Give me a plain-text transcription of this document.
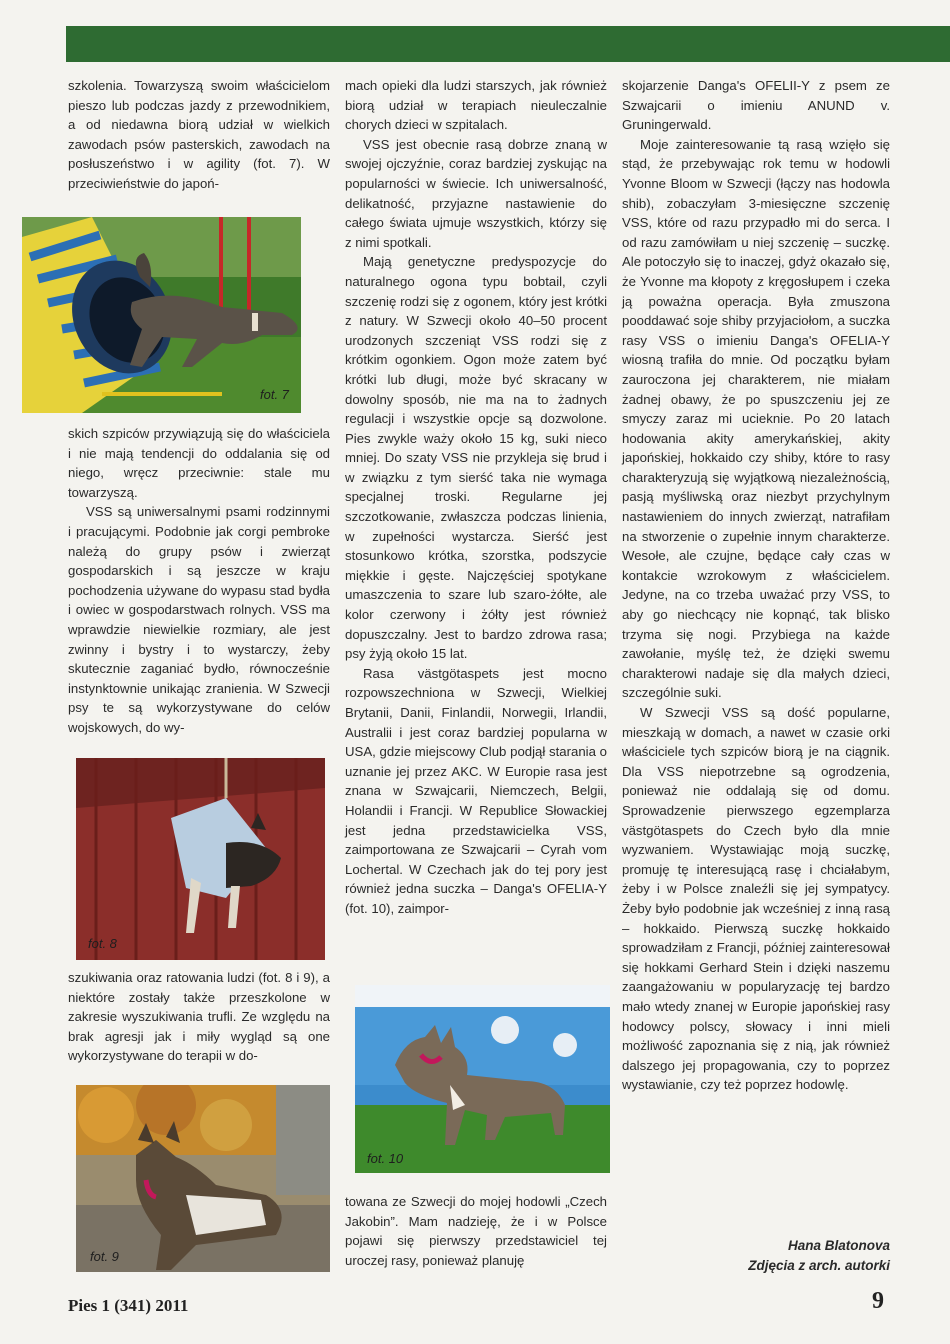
szkolenia. Towarzyszą swoim właścicielom pieszo lub podczas jazdy z przewodnikiem, a od niedawna biorą udział w wielkich zawodach psów pasterskich, zawodach na posłuszeństwo i w agility (fot. 7). W przeciwieństwie do japoń-

fot. 7

skich szpiców przywiązują się do właściciela i nie mają tendencji do oddalania się od niego, wręcz przeciwnie: stale mu towarzyszą.

VSS są uniwersalnymi psami rodzinnymi i pracującymi. Podobnie jak corgi pembroke należą do grupy psów i zwierząt gospodarskich i są jeszcze w kraju pochodzenia używane do wypasu stad bydła i owiec w gospodarstwach rolnych. VSS ma wprawdzie niewielkie rozmiary, ale jest zwinny i bystry i to wystarczy, żeby skutecznie zaganiać bydło, równocześnie instynktownie unikając zranienia. W Szwecji psy te są wykorzystywane do celów wojskowych, do wy-

fot. 8

szukiwania oraz ratowania ludzi (fot. 8 i 9), a niektóre zostały także przeszkolone w zakresie wyszukiwania trufli. Ze względu na brak agresji jak i miły wygląd są one wykorzystywane do terapii w do-

fot. 9

mach opieki dla ludzi starszych, jak również biorą udział w terapiach nieuleczalnie chorych dzieci w szpitalach.

VSS jest obecnie rasą dobrze znaną w swojej ojczyźnie, coraz bardziej zyskując na popularności w świecie. Ich uniwersalność, delikatność, przyjazne nastawienie do całego świata ujmuje wszystkich, którzy się z nimi spotkali.

Mają genetyczne predyspozycje do naturalnego ogona typu bobtail, czyli szczenię rodzi się z ogonem, który jest krótki z natury. W Szwecji około 40–50 procent urodzonych szczeniąt VSS rodzi się z krótkim ogonkiem. Ogon może zatem być krótki lub długi, może być skracany w dowolny sposób, nie ma na to żadnych regulacji i wszystkie opcje są dozwolone. Pies zwykle waży około 15 kg, suki nieco mniej. Do szaty VSS nie przykleja się brud i w związku z tym sierść taka nie wymaga specjalnej troski. Regularne jej szczotkowanie, zwłaszcza podczas linienia, w zupełności wystarcza. Sierść jest stosunkowo krótka, szorstka, podszycie miękkie i gęste. Najczęściej spotykane umaszczenia to szare lub szaro-żółte, ale kolor czerwony i żółty jest również dopuszczalny. Jest to bardzo zdrowa rasa; psy żyją około 15 lat.

Rasa västgötaspets jest mocno rozpowszechniona w Szwecji, Wielkiej Brytanii, Danii, Finlandii, Norwegii, Irlandii, Australii i jest coraz bardziej popularna w USA, gdzie miejscowy Club podjął starania o uznanie jej przez AKC. W Europie rasa jest znana w Szwajcarii, Niemczech, Belgii, Holandii i Francji. W Republice Słowackiej jest jedna przedstawicielka VSS, zaimportowana ze Szwajcarii – Cyrah vom Lochertal. W Czechach jak do tej pory jest również jedna suczka – Danga's OFELIA-Y (fot. 10), zaimpor-

fot. 10

towana ze Szwecji do mojej hodowli „Czech Jakobin”. Mam nadzieję, że i w Polsce pojawi się pierwszy przedstawiciel tej uroczej rasy, ponieważ planuję

skojarzenie Danga's OFELII-Y z psem ze Szwajcarii o imieniu ANUND v. Gruningerwald.

Moje zainteresowanie tą rasą wzięło się stąd, że przebywając rok temu w hodowli Yvonne Bloom w Szwecji (łączy nas hodowla shib), zobaczyłam 3-miesięczne szczenię VSS, które od razu przypadło mi do serca. I od razu zamówiłam u niej szczenię – suczkę. Ale potoczyło się to inaczej, gdyż okazało się, że Yvonne ma kłopoty z kręgosłupem i czeka ją poważna operacja. Była zmuszona pooddawać soje shiby przyjaciołom, a suczka rasy VSS o imieniu Danga's OFELIA-Y wiosną trafiła do mnie. Od początku byłam zauroczona jej charakterem, nie miałam żadnej obawy, że po spuszczeniu jej ze smyczy zaraz mi ucieknie. Po 20 latach hodowania akity amerykańskiej, akity japońskiej, hokkaido czy shiby, które to rasy charakteryzują się wyjątkową niezależnością, pasją myśliwską oraz niezbyt przychylnym nastawieniem do innych zwierząt, natrafiłam na stworzenie o zupełnie innym charakterze. Wesołe, ale czujne, będące cały czas w kontakcie wzrokowym z właścicielem. Jedyne, na co trzeba uważać przy VSS, to aby go niechcący nie kopnąć, tak blisko trzyma się nogi. Przybiega na każde zawołanie, myślę też, że dzięki swemu charakterowi nadaje się dla małych dzieci, szczególnie suki.

W Szwecji VSS są dość popularne, mieszkają w domach, a nawet w czasie orki właściciele tych szpiców biorą je na ciągnik. Dla VSS niepotrzebne są ogrodzenia, ponieważ nie oddalają się od domu. Sprowadzenie pierwszego egzemplarza västgötaspets do Czech było dla mnie wyzwaniem. Wystawiając moją suczkę, promuję tę interesującą rasę i chciałabym, żeby i w Polsce znaleźli się jej sympatycy. Żeby było podobnie jak wcześniej z inną rasą – hokkaido. Pierwszą suczkę hokkaido sprowadziłam z Francji, później zainteresował się hokkami Gerhard Stein i dzięki naszemu zaangażowaniu w popularyzację tej bardzo mało wtedy znanej w Europie japońskiej rasy hodowcy polscy, słowacy i inni mieli możliwość zapoznania się z nią, jak również dalszego jej propagowania, czy to poprzez wystawianie, czy też poprzez hodowlę.

Hana Blatonova
Zdjęcia z arch. autorki
Pies 1 (341) 2011	9
